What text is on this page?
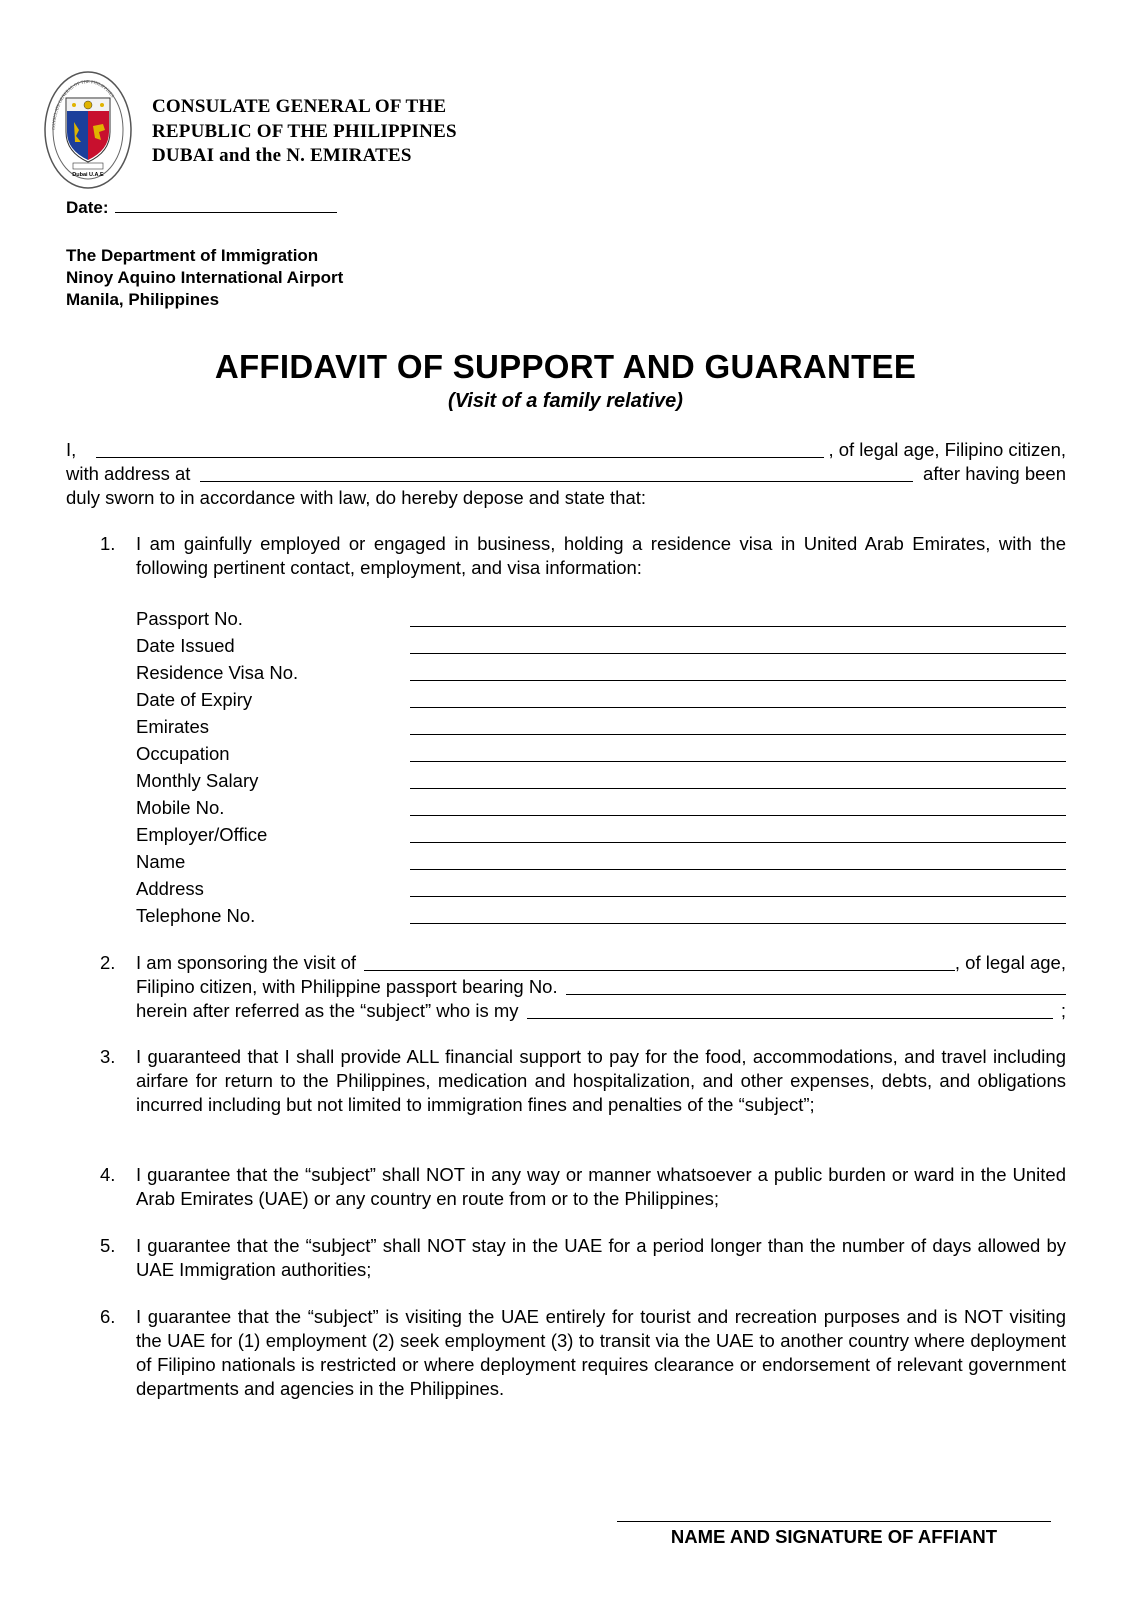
Dubai U.A.E
CONSULATE GENERAL OF THE PHILIPPINES
CONSULATE GENERAL OF THE
REPUBLIC OF THE PHILIPPINES
DUBAI and the N. EMIRATES
Date:
The Department of Immigration
Ninoy Aquino International Airport
Manila, Philippines
AFFIDAVIT OF SUPPORT AND GUARANTEE
(Visit of a family relative)
I,	, of legal age, Filipino citizen,
with address at	after having been
duly sworn to in accordance with law, do hereby depose and state that:
1. I am gainfully employed or engaged in business, holding a residence visa in United Arab Emirates, with the following pertinent contact, employment, and visa information:
Passport No.
Date Issued
Residence Visa No.
Date of Expiry
Emirates
Occupation
Monthly Salary
Mobile No.
Employer/Office
Name
Address
Telephone No.
2. I am sponsoring the visit of	, of legal age,
Filipino citizen, with Philippine passport bearing No.
herein after referred as the “subject” who is my	;
3. I guaranteed that I shall provide ALL financial support to pay for the food, accommodations, and travel including airfare for return to the Philippines, medication and hospitalization, and other expenses, debts, and obligations incurred including but not limited to immigration fines and penalties of the “subject”;
4. I guarantee that the “subject” shall NOT in any way or manner whatsoever a public burden or ward in the United Arab Emirates (UAE) or any country en route from or to the Philippines;
5. I guarantee that the “subject” shall NOT stay in the UAE for a period longer than the number of days allowed by UAE Immigration authorities;
6. I guarantee that the “subject” is visiting the UAE entirely for tourist and recreation purposes and is NOT visiting the UAE for (1) employment (2) seek employment (3) to transit via the UAE to another country where deployment of Filipino nationals is restricted or where deployment requires clearance or endorsement of relevant government departments and agencies in the Philippines.
NAME AND SIGNATURE OF AFFIANT
